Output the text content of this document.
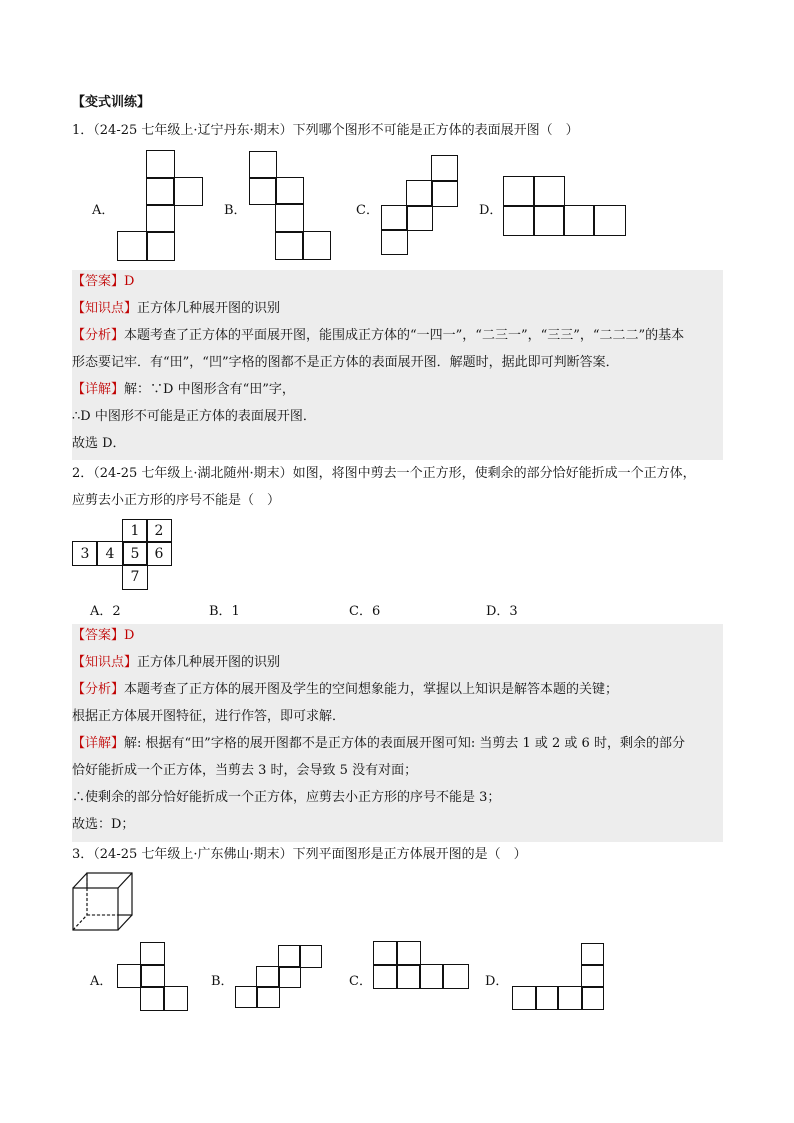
【变式训练】
1．（24-25 七年级上·辽宁丹东·期末）下列哪个图形不可能是正方体的表面展开图（　）
A．	B．	C．	D．
【答案】D
【知识点】正方体几种展开图的识别
【分析】本题考查了正方体的平面展开图，能围成正方体的“一四一”，“二三一”，“三三”，“二二二”的基本
形态要记牢．有“田”，“凹”字格的图都不是正方体的表面展开图．解题时，据此即可判断答案．
【详解】解：∵D 中图形含有“田”字，
∴D 中图形不可能是正方体的表面展开图．
故选 D．
2．（24-25 七年级上·湖北随州·期末）如图，将图中剪去一个正方形，使剩余的部分恰好能折成一个正方体，
应剪去小正方形的序号不能是（　）
1	2
3	4	5	6
7
A．2	B．1	C．6	D．3
【答案】D
【知识点】正方体几种展开图的识别
【分析】本题考查了正方体的展开图及学生的空间想象能力，掌握以上知识是解答本题的关键；
根据正方体展开图特征，进行作答，即可求解．
【详解】解: 根据有“田”字格的展开图都不是正方体的表面展开图可知: 当剪去 1 或 2 或 6 时，剩余的部分
恰好能折成一个正方体，当剪去 3 时，会导致 5 没有对面；
∴使剩余的部分恰好能折成一个正方体，应剪去小正方形的序号不能是 3；
故选：D；
3．（24-25 七年级上·广东佛山·期末）下列平面图形是正方体展开图的是（　）
A．	B．	C．	D．
